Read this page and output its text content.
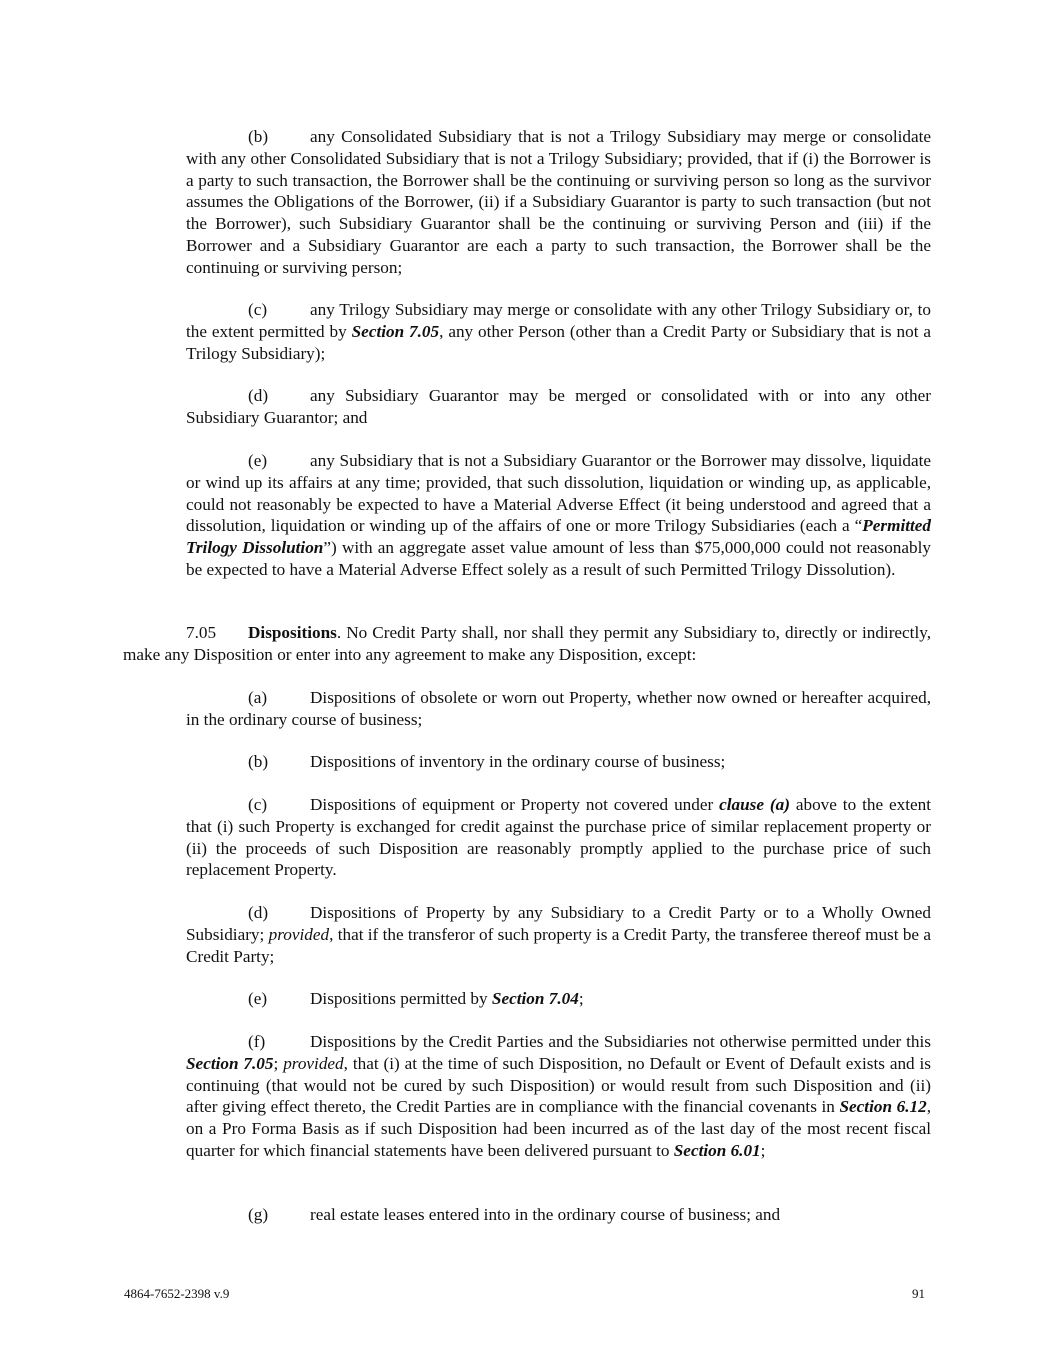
(b) any Consolidated Subsidiary that is not a Trilogy Subsidiary may merge or consolidate with any other Consolidated Subsidiary that is not a Trilogy Subsidiary; provided, that if (i) the Borrower is a party to such transaction, the Borrower shall be the continuing or surviving person so long as the survivor assumes the Obligations of the Borrower, (ii) if a Subsidiary Guarantor is party to such transaction (but not the Borrower), such Subsidiary Guarantor shall be the continuing or surviving Person and (iii) if the Borrower and a Subsidiary Guarantor are each a party to such transaction, the Borrower shall be the continuing or surviving person;

(c) any Trilogy Subsidiary may merge or consolidate with any other Trilogy Subsidiary or, to the extent permitted by Section 7.05, any other Person (other than a Credit Party or Subsidiary that is not a Trilogy Subsidiary);

(d) any Subsidiary Guarantor may be merged or consolidated with or into any other Subsidiary Guarantor; and

(e) any Subsidiary that is not a Subsidiary Guarantor or the Borrower may dissolve, liquidate or wind up its affairs at any time; provided, that such dissolution, liquidation or winding up, as applicable, could not reasonably be expected to have a Material Adverse Effect (it being understood and agreed that a dissolution, liquidation or winding up of the affairs of one or more Trilogy Subsidiaries (each a “Permitted Trilogy Dissolution”) with an aggregate asset value amount of less than $75,000,000 could not reasonably be expected to have a Material Adverse Effect solely as a result of such Permitted Trilogy Dissolution).

7.05 Dispositions. No Credit Party shall, nor shall they permit any Subsidiary to, directly or indirectly, make any Disposition or enter into any agreement to make any Disposition, except:

(a) Dispositions of obsolete or worn out Property, whether now owned or hereafter acquired, in the ordinary course of business;

(b) Dispositions of inventory in the ordinary course of business;

(c) Dispositions of equipment or Property not covered under clause (a) above to the extent that (i) such Property is exchanged for credit against the purchase price of similar replacement property or (ii) the proceeds of such Disposition are reasonably promptly applied to the purchase price of such replacement Property.

(d) Dispositions of Property by any Subsidiary to a Credit Party or to a Wholly Owned Subsidiary; provided, that if the transferor of such property is a Credit Party, the transferee thereof must be a Credit Party;

(e) Dispositions permitted by Section 7.04;

(f)	Dispositions by the Credit Parties and the Subsidiaries not otherwise permitted under this Section 7.05; provided, that (i) at the time of such Disposition, no Default or Event of Default exists and is continuing (that would not be cured by such Disposition) or would result from such Disposition and (ii) after giving effect thereto, the Credit Parties are in compliance with the financial covenants in Section 6.12, on a Pro Forma Basis as if such Disposition had been incurred as of the last day of the most recent fiscal quarter for which financial statements have been delivered pursuant to Section 6.01;

(g) real estate leases entered into in the ordinary course of business; and

4864-7652-2398 v.9	91
